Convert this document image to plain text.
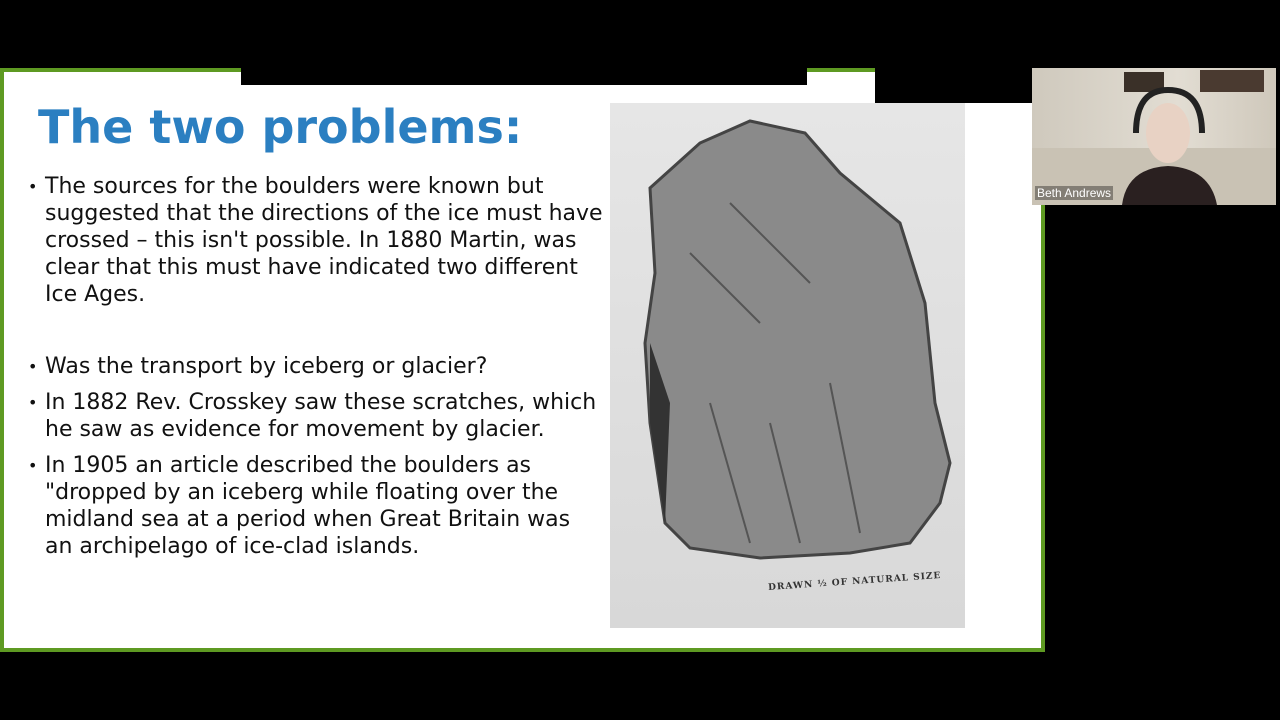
The two problems:
• The sources for the boulders were known but suggested that the directions of the ice must have crossed – this isn't possible. In 1880 Martin, was clear that this must have indicated two different Ice Ages.
• Was the transport by iceberg or glacier?
• In 1882 Rev. Crosskey saw these scratches, which he saw as evidence for movement by glacier.
• In 1905 an article described the boulders as "dropped by an iceberg while floating over the midland sea at a period when Great Britain was an archipelago of ice-clad islands.
DRAWN ½ OF NATURAL SIZE
Beth Andrews
